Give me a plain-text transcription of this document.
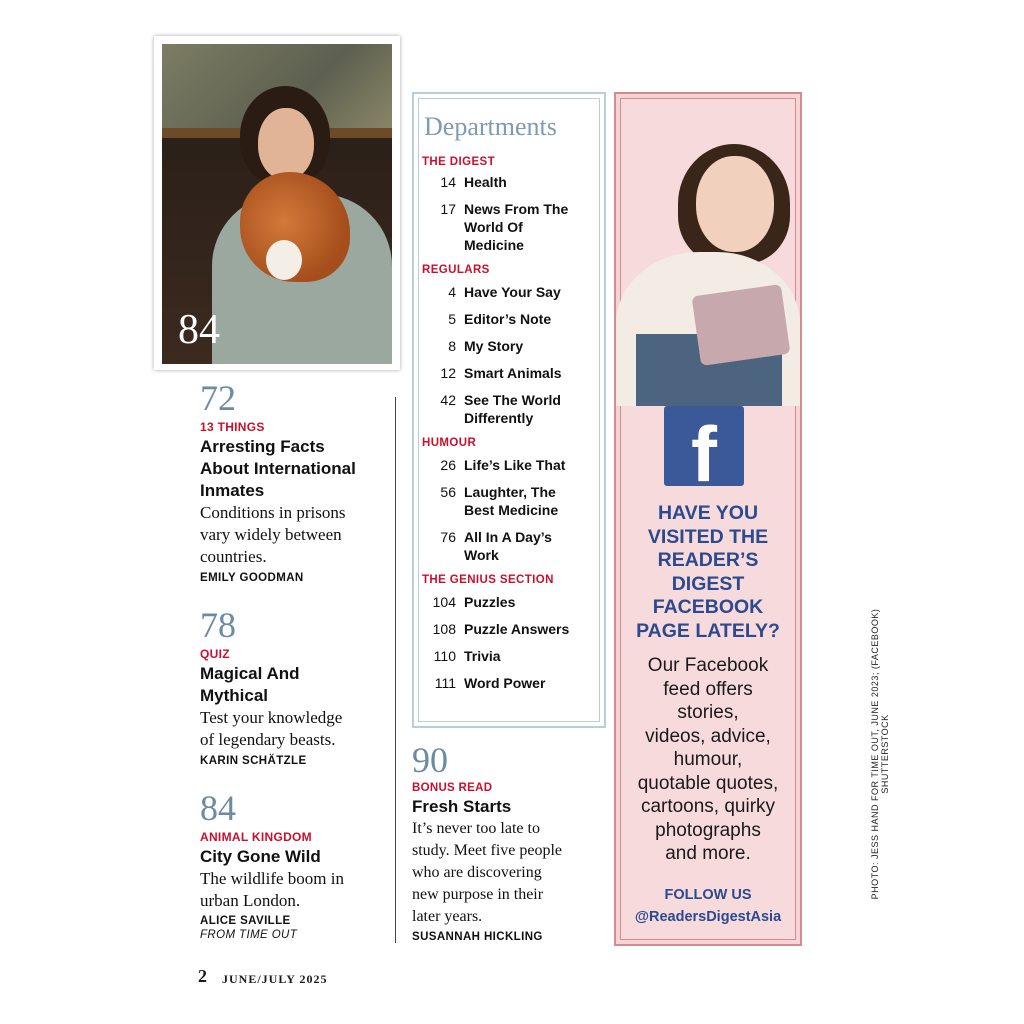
84
72
13 THINGS
Arresting Facts
About International
Inmates
Conditions in prisons
vary widely between
countries.
EMILY GOODMAN
78
QUIZ
Magical And
Mythical
Test your knowledge
of legendary beasts.
KARIN SCHÄTZLE
84
ANIMAL KINGDOM
City Gone Wild
The wildlife boom in
urban London.
ALICE SAVILLE
FROM TIME OUT
Departments
THE DIGEST
14 Health
17 News From The World Of Medicine
REGULARS
4 Have Your Say
5 Editor’s Note
8 My Story
12 Smart Animals
42 See The World Differently
HUMOUR
26 Life’s Like That
56 Laughter, The Best Medicine
76 All In A Day’s Work
THE GENIUS SECTION
104 Puzzles
108 Puzzle Answers
110 Trivia
111 Word Power
90
BONUS READ
Fresh Starts
It’s never too late to
study. Meet five people
who are discovering
new purpose in their
later years.
SUSANNAH HICKLING
f
HAVE YOU
VISITED THE
READER’S
DIGEST
FACEBOOK
PAGE LATELY?
Our Facebook
feed offers
stories,
videos, advice,
humour,
quotable quotes,
cartoons, quirky
photographs
and more.
FOLLOW US
@ReadersDigestAsia
PHOTO: JESS HAND FOR TIME OUT, JUNE 2023; (FACEBOOK) SHUTTERSTOCK
2 JUNE/JULY 2025
